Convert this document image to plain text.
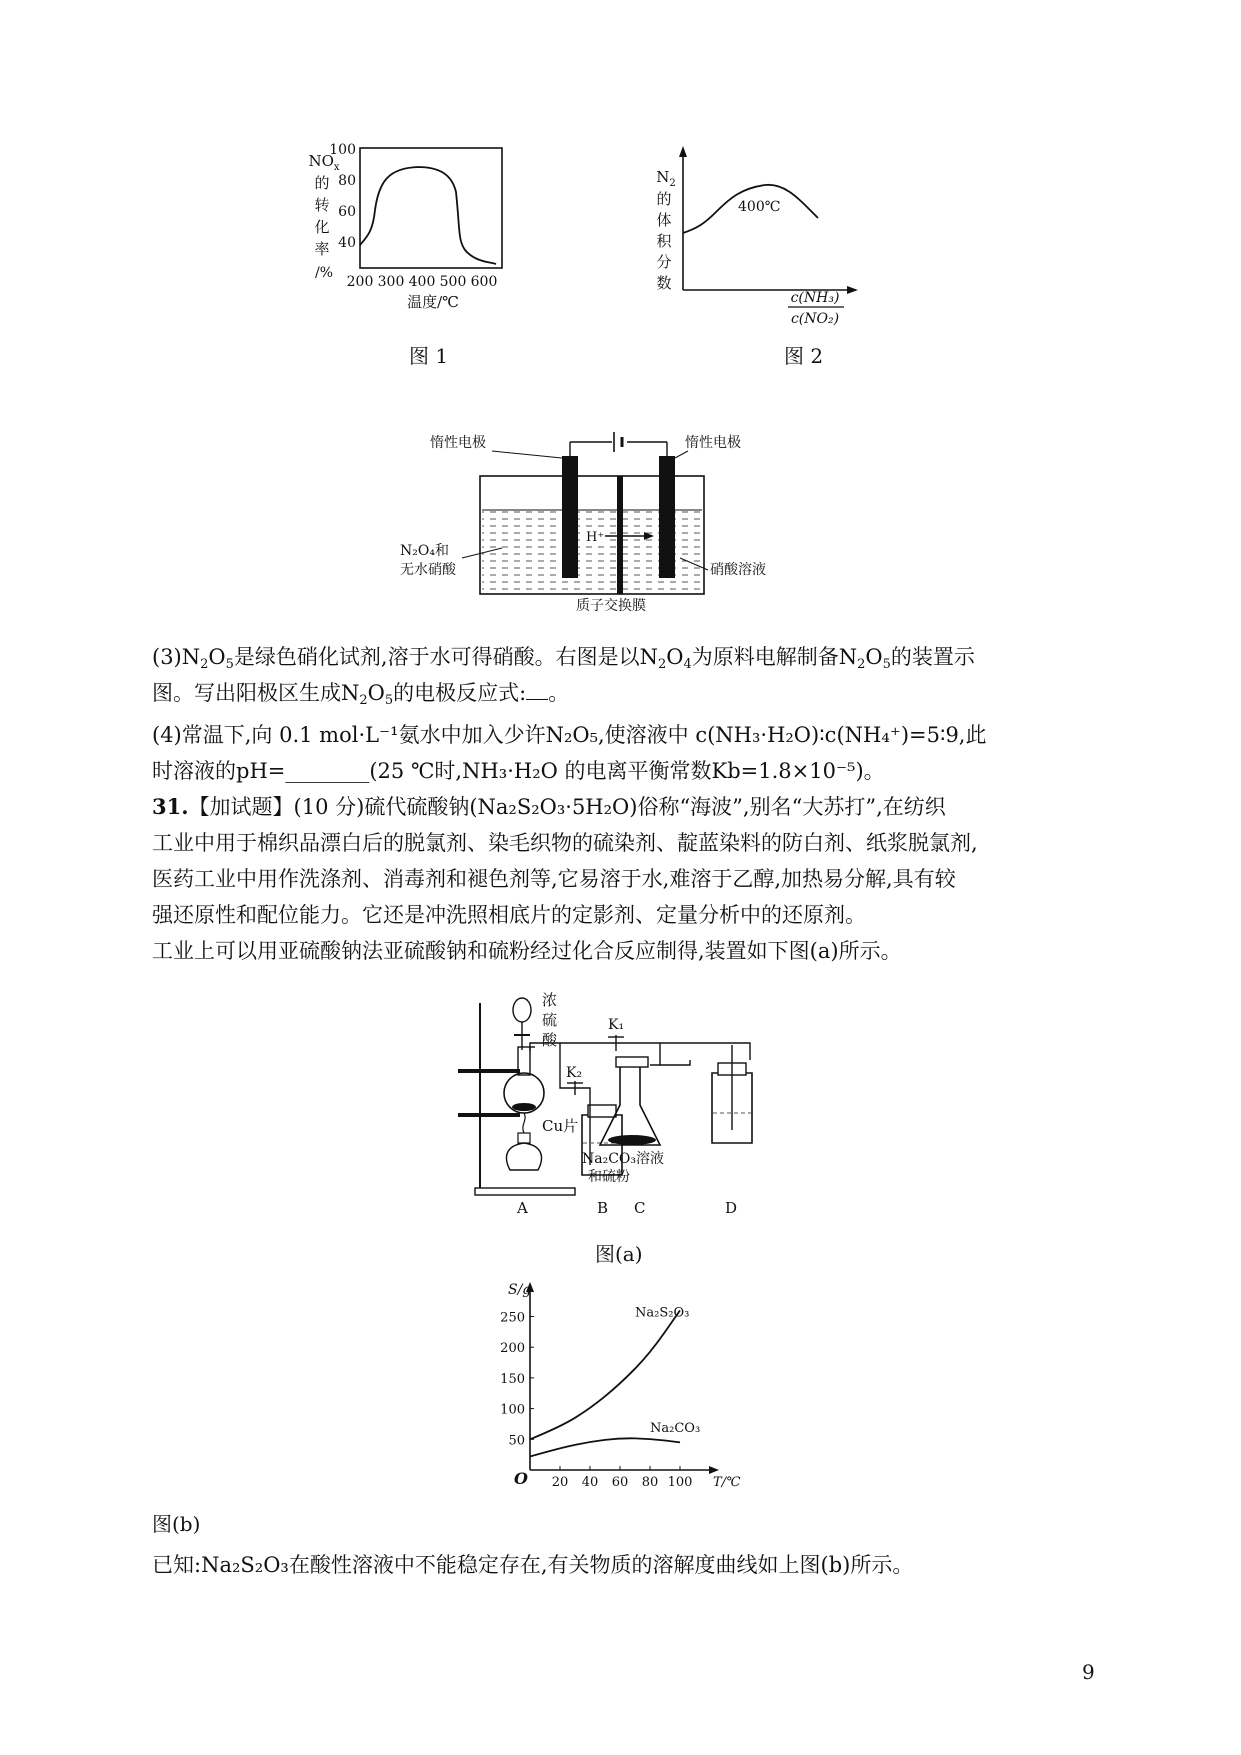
$NO_x$
的
转
化
率
/%
100
80
60
40
200 300 400 500 600
温度/℃
图 1
$N_2$
的
体
积
分
数
400℃
c(NH₃)
c(NO₂)
图 2
H⁺
惰性电极	惰性电极
N₂O₄和
无水硝酸	硝酸溶液
质子交换膜
$(3)N_2O_5$是绿色硝化试剂,溶于水可得硝酸。右图是以$N_2O_4$为原料电解制备$N_2O_5$的装置示
图。写出阳极区生成$N_2O_5$的电极反应式: 。
(4)常温下,向 0.1 mol·L⁻¹氨水中加入少许N₂O₅,使溶液中 c(NH₃·H₂O)∶c(NH₄⁺)=5∶9,此
时溶液的pH=________(25 ℃时,NH₃·H₂O 的电离平衡常数Kb=1.8×10⁻⁵)。
31.【加试题】(10 分)硫代硫酸钠(Na₂S₂O₃·5H₂O)俗称“海波”,别名“大苏打”,在纺织
工业中用于棉织品漂白后的脱氯剂、染毛织物的硫染剂、靛蓝染料的防白剂、纸浆脱氯剂,
医药工业中用作洗涤剂、消毒剂和褪色剂等,它易溶于水,难溶于乙醇,加热易分解,具有较
强还原性和配位能力。它还是冲洗照相底片的定影剂、定量分析中的还原剂。
工业上可以用亚硫酸钠法亚硫酸钠和硫粉经过化合反应制得,装置如下图(a)所示。
浓
硫
酸
K₁
K₂
Cu片
Na₂CO₃溶液
和硫粉
A	B C	D
图(a)
S/g
T/℃
O
50
100
150
200
250
20 40 60 80 100
Na₂S₂O₃
Na₂CO₃
图(b)
已知:Na₂S₂O₃在酸性溶液中不能稳定存在,有关物质的溶解度曲线如上图(b)所示。
9
